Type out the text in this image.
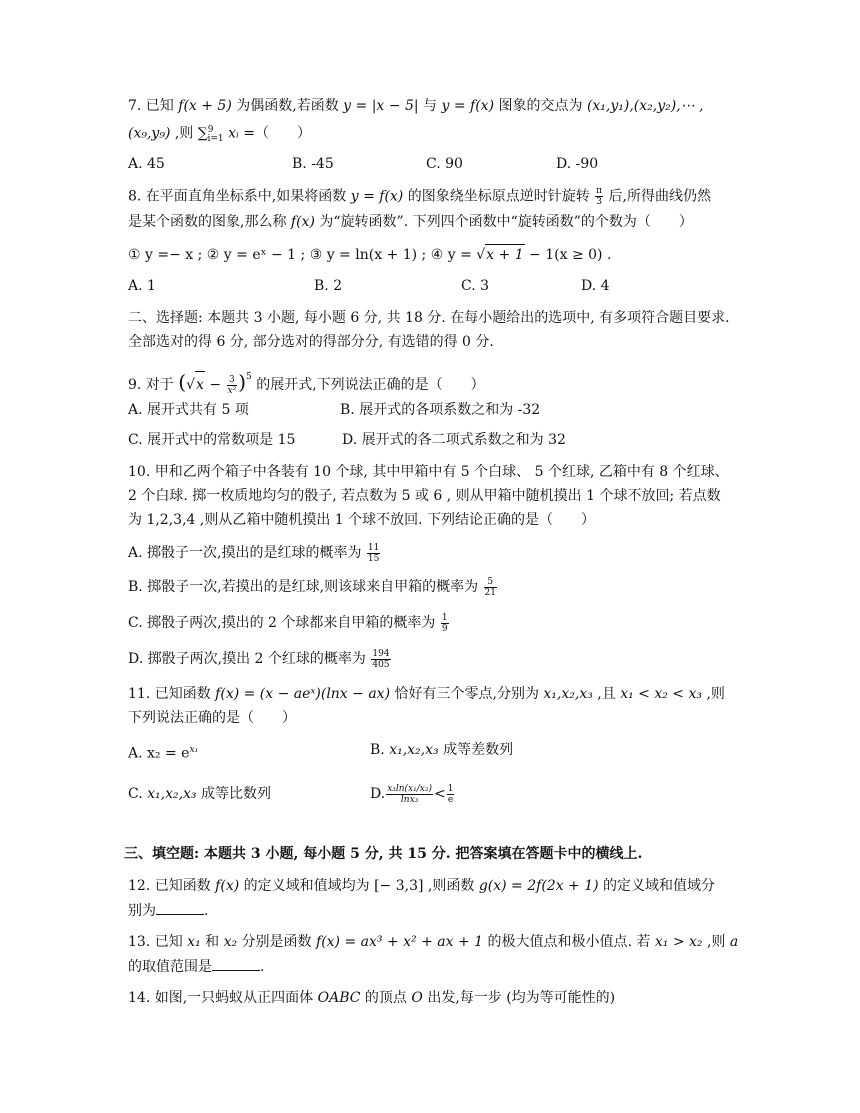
7. 已知 f(x + 5) 为偶函数,若函数 y = |x − 5| 与 y = f(x) 图象的交点为 (x₁,y₁),(x₂,y₂),⋯ ,
(x₉,y₉) ,则 ∑$^9_{i=1}$ xᵢ =（　　）
A. 45	B. -45	C. 90	D. -90
8. 在平面直角坐标系中,如果将函数 y = f(x) 的图象绕坐标原点逆时针旋转 $\frac{\pi}{3}$ 后,所得曲线仍然
是某个函数的图象,那么称 f(x) 为“旋转函数”. 下列四个函数中“旋转函数”的个数为（　　）
① y =− x ; ② y = eˣ − 1 ; ③ y = ln(x + 1) ; ④ y = √x + 1 − 1(x ≥ 0) .
A. 1	B. 2	C. 3	D. 4
二、选择题: 本题共 3 小题, 每小题 6 分, 共 18 分. 在每小题给出的选项中, 有多项符合题目要求.
全部选对的得 6 分, 部分选对的得部分分, 有选错的得 0 分.
9. 对于 $(√x - \frac{3}{\text{x²}} )^5$ 的展开式,下列说法正确的是（　　）
A. 展开式共有 5 项	B. 展开式的各项系数之和为 -32
C. 展开式中的常数项是 15	D. 展开式的各二项式系数之和为 32
10. 甲和乙两个箱子中各装有 10 个球, 其中甲箱中有 5 个白球、 5 个红球, 乙箱中有 8 个红球、
2 个白球. 掷一枚质地均匀的骰子, 若点数为 5 或 6 , 则从甲箱中随机摸出 1 个球不放回; 若点数
为 1,2,3,4 ,则从乙箱中随机摸出 1 个球不放回. 下列结论正确的是（　　）
A. 掷骰子一次,摸出的是红球的概率为 $\frac{11}{15}$
B. 掷骰子一次,若摸出的是红球,则该球来自甲箱的概率为 $\frac{5}{21}$
C. 掷骰子两次,摸出的 2 个球都来自甲箱的概率为 $\frac{1}{9}$
D. 掷骰子两次,摸出 2 个红球的概率为 $\frac{194}{405}$
11. 已知函数 f(x) = (x − aeˣ)(lnx − ax) 恰好有三个零点,分别为 x₁,x₂,x₃ ,且 x₁ < x₂ < x₃ ,则
下列说法正确的是（　　）
A. $x_2 = e^{x_1}$	B. x₁,x₂,x₃ 成等差数列
C. x₁,x₂,x₃ 成等比数列	D. $\frac{\text{x₃ln(x₁/x₂)}}{\text{lnx₃}} < \frac{1}{e}$
三、填空题: 本题共 3 小题, 每小题 5 分, 共 15 分. 把答案填在答题卡中的横线上.
12. 已知函数 f(x) 的定义域和值域均为 [− 3,3] ,则函数 g(x) = 2f(2x + 1) 的定义域和值域分
别为	.
13. 已知 x₁ 和 x₂ 分别是函数 f(x) = ax³ + x² + ax + 1 的极大值点和极小值点. 若 x₁ > x₂ ,则 a
的取值范围是	.
14. 如图,一只蚂蚁从正四面体 OABC 的顶点 O 出发,每一步 (均为等可能性的)
